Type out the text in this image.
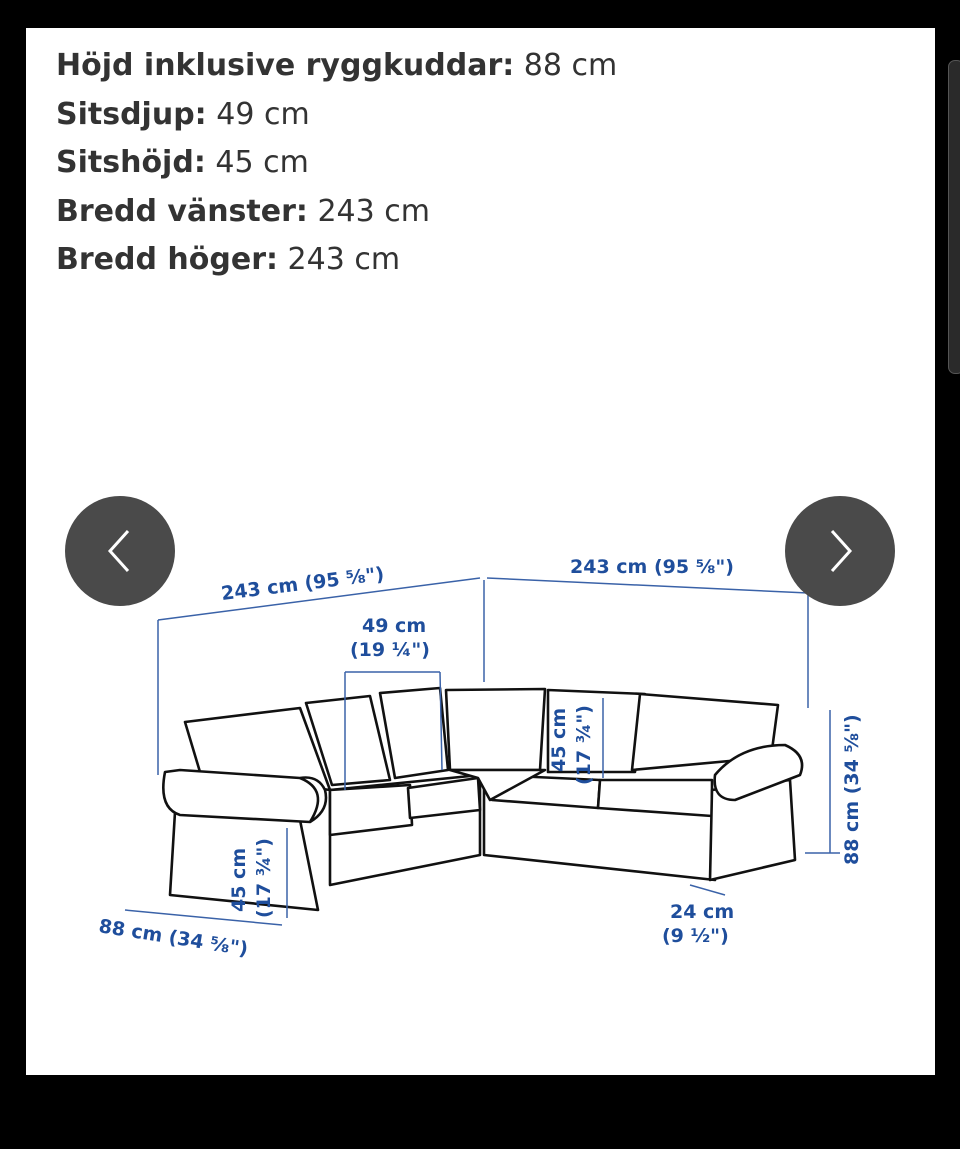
Höjd inklusive ryggkuddar: 88 cm
Sitsdjup: 49 cm
Sitshöjd: 45 cm
Bredd vänster: 243 cm
Bredd höger: 243 cm
243 cm (95 ⅝")	243 cm (95 ⅝")
49 cm
(19 ¼")
45 cm (17 ¾")
45 cm (17 ¾")
88 cm (34 ⅝")
88 cm (34 ⅝")
24 cm
(9 ½")
